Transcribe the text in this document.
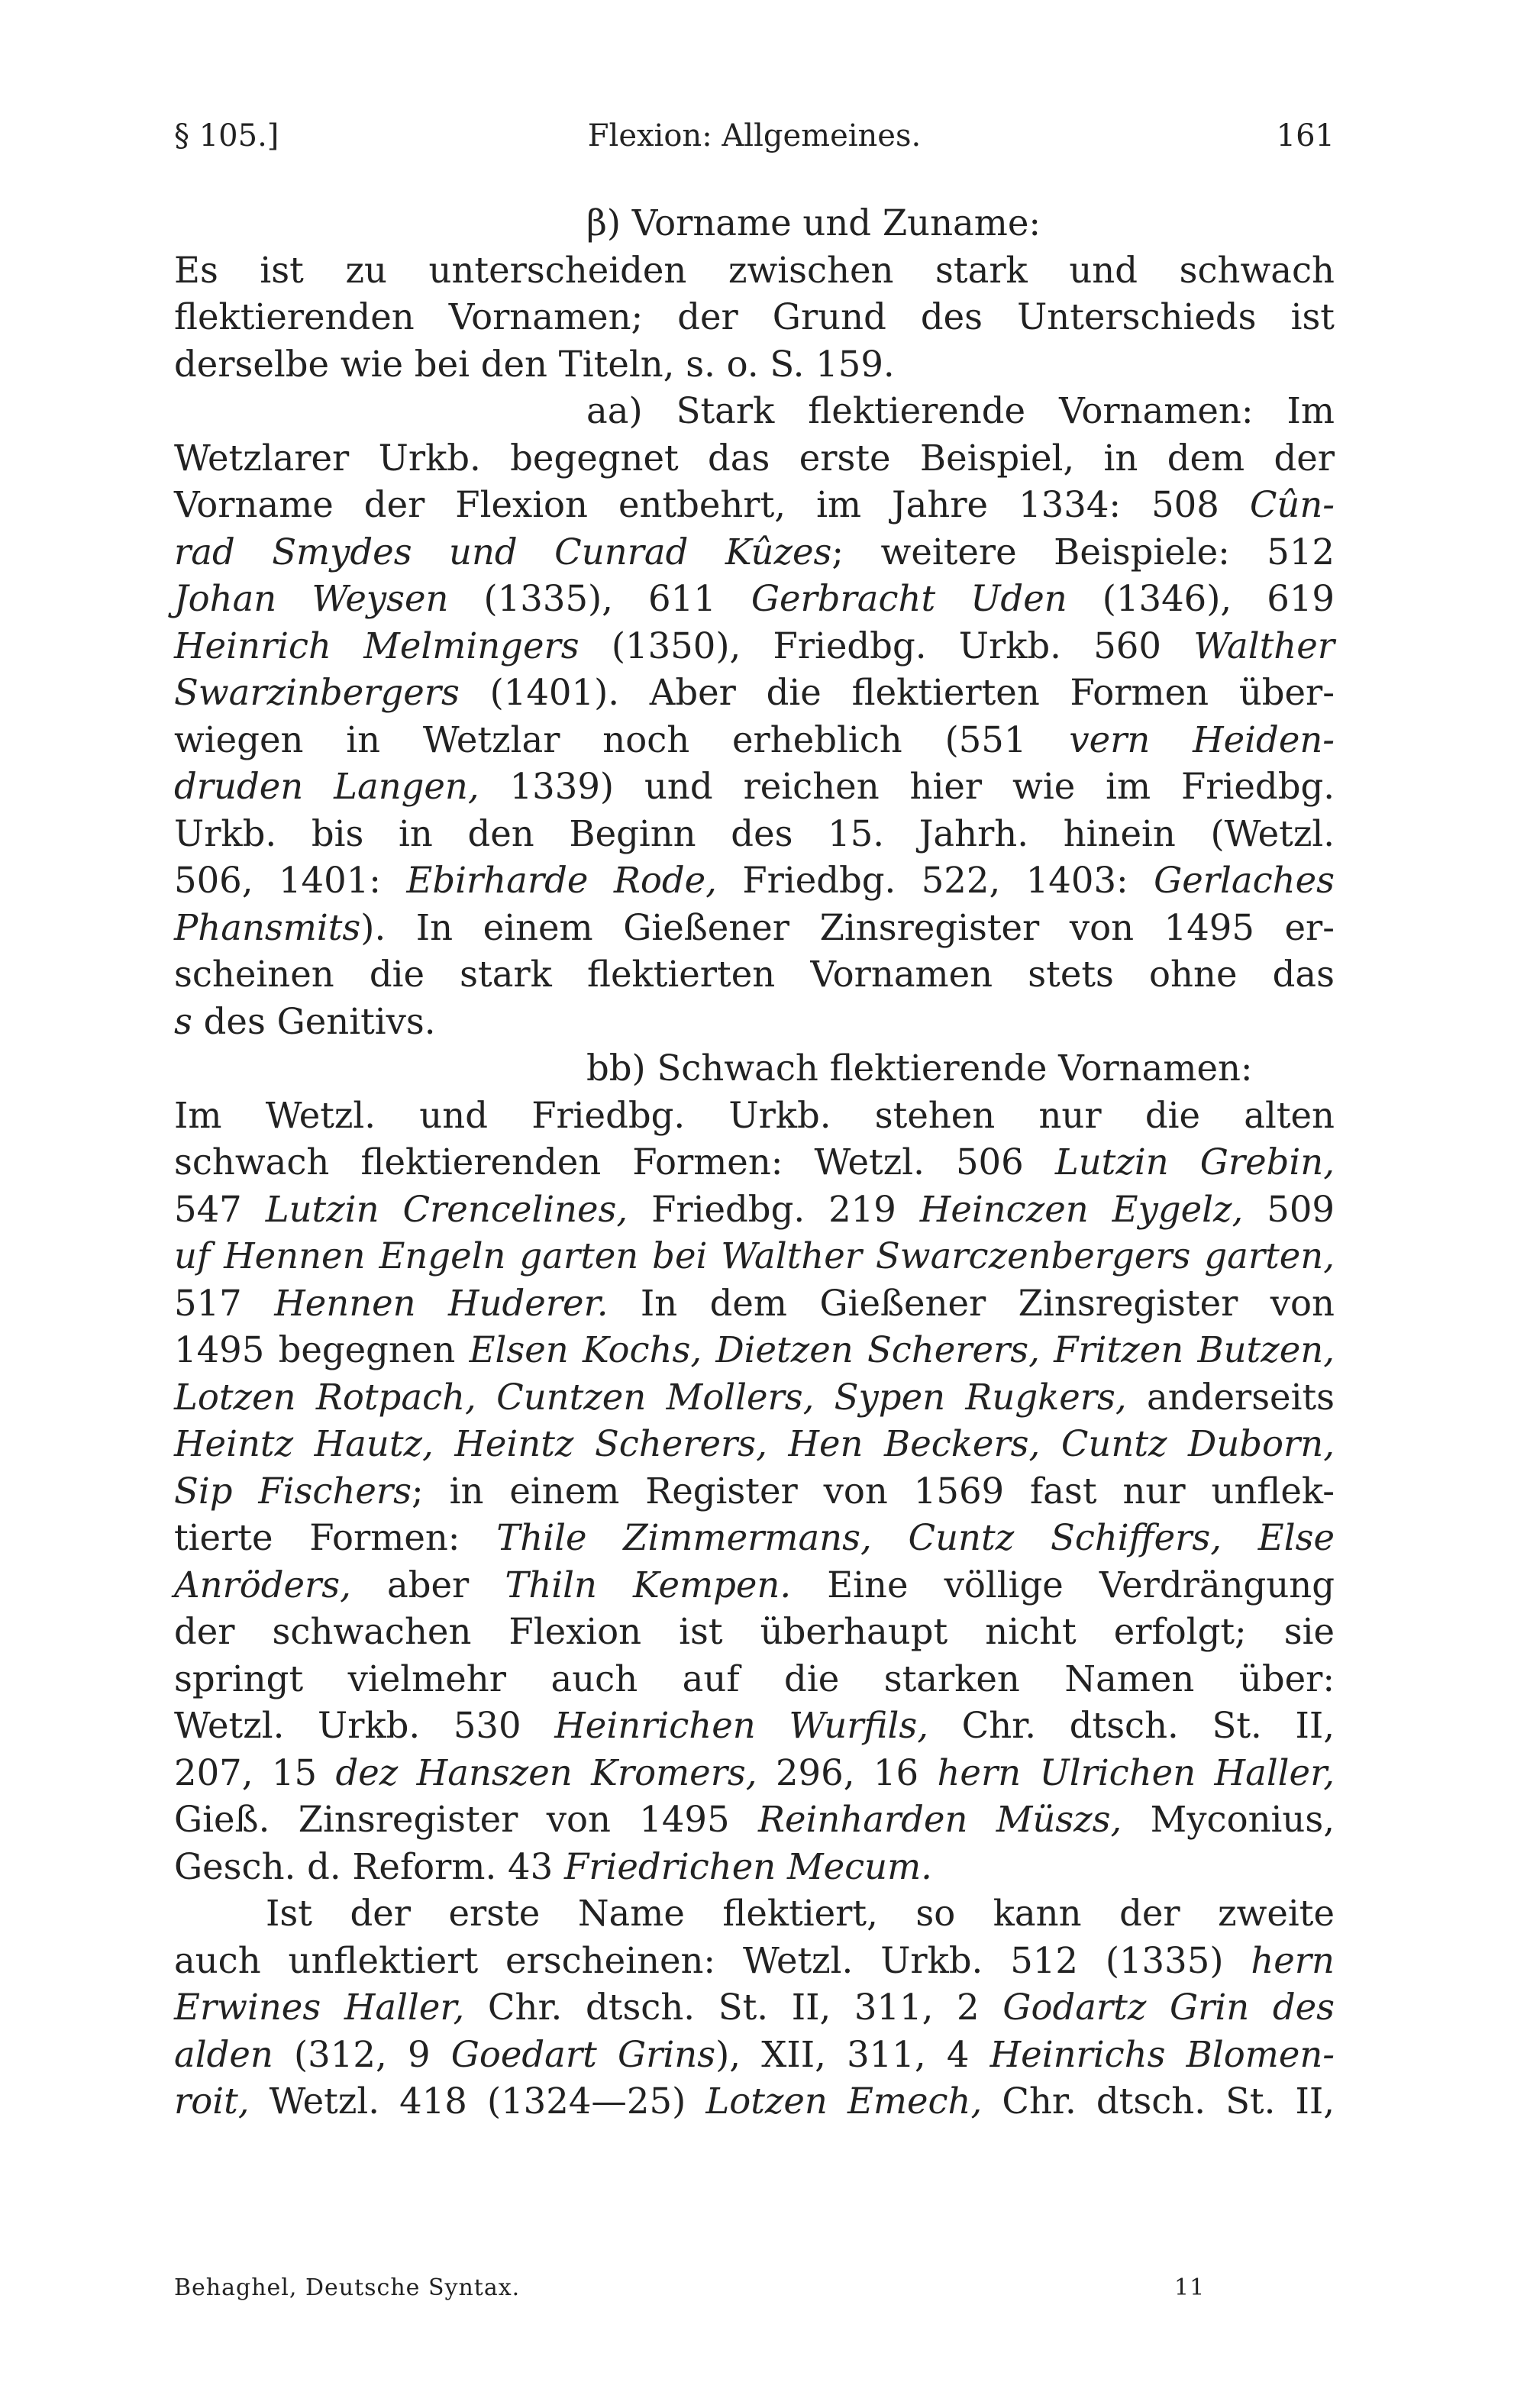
§ 105.]	Flexion: Allgemeines.	161
β) Vorname und Zuname:
Es ist zu unterscheiden zwischen stark und schwach
flektierenden Vornamen; der Grund des Unterschieds ist
derselbe wie bei den Titeln, s. o. S. 159.
aa) Stark flektierende Vornamen: Im
Wetzlarer Urkb. begegnet das erste Beispiel, in dem der
Vorname der Flexion entbehrt, im Jahre 1334: 508 Cûn-
rad Smydes und Cunrad Kûzes; weitere Beispiele: 512
Johan Weysen (1335), 611 Gerbracht Uden (1346), 619
Heinrich Melmingers (1350), Friedbg. Urkb. 560 Walther
Swarzinbergers (1401). Aber die flektierten Formen über-
wiegen in Wetzlar noch erheblich (551 vern Heiden-
druden Langen, 1339) und reichen hier wie im Friedbg.
Urkb. bis in den Beginn des 15. Jahrh. hinein (Wetzl.
506, 1401: Ebirharde Rode, Friedbg. 522, 1403: Gerlaches
Phansmits). In einem Gießener Zinsregister von 1495 er-
scheinen die stark flektierten Vornamen stets ohne das
s des Genitivs.
bb) Schwach flektierende Vornamen:
Im Wetzl. und Friedbg. Urkb. stehen nur die alten
schwach flektierenden Formen: Wetzl. 506 Lutzin Grebin,
547 Lutzin Crencelines, Friedbg. 219 Heinczen Eygelz, 509
uf Hennen Engeln garten bei Walther Swarczenbergers garten,
517 Hennen Huderer. In dem Gießener Zinsregister von
1495 begegnen Elsen Kochs, Dietzen Scherers, Fritzen Butzen,
Lotzen Rotpach, Cuntzen Mollers, Sypen Rugkers, anderseits
Heintz Hautz, Heintz Scherers, Hen Beckers, Cuntz Duborn,
Sip Fischers; in einem Register von 1569 fast nur unflek-
tierte Formen: Thile Zimmermans, Cuntz Schiffers, Else
Anröders, aber Thiln Kempen. Eine völlige Verdrängung
der schwachen Flexion ist überhaupt nicht erfolgt; sie
springt vielmehr auch auf die starken Namen über:
Wetzl. Urkb. 530 Heinrichen Wurfils, Chr. dtsch. St. II,
207, 15 dez Hanszen Kromers, 296, 16 hern Ulrichen Haller,
Gieß. Zinsregister von 1495 Reinharden Müszs, Myconius,
Gesch. d. Reform. 43 Friedrichen Mecum.
Ist der erste Name flektiert, so kann der zweite
auch unflektiert erscheinen: Wetzl. Urkb. 512 (1335) hern
Erwines Haller, Chr. dtsch. St. II, 311, 2 Godartz Grin des
alden (312, 9 Goedart Grins), XII, 311, 4 Heinrichs Blomen-
roit, Wetzl. 418 (1324—25) Lotzen Emech, Chr. dtsch. St. II,
Behaghel, Deutsche Syntax.	11
